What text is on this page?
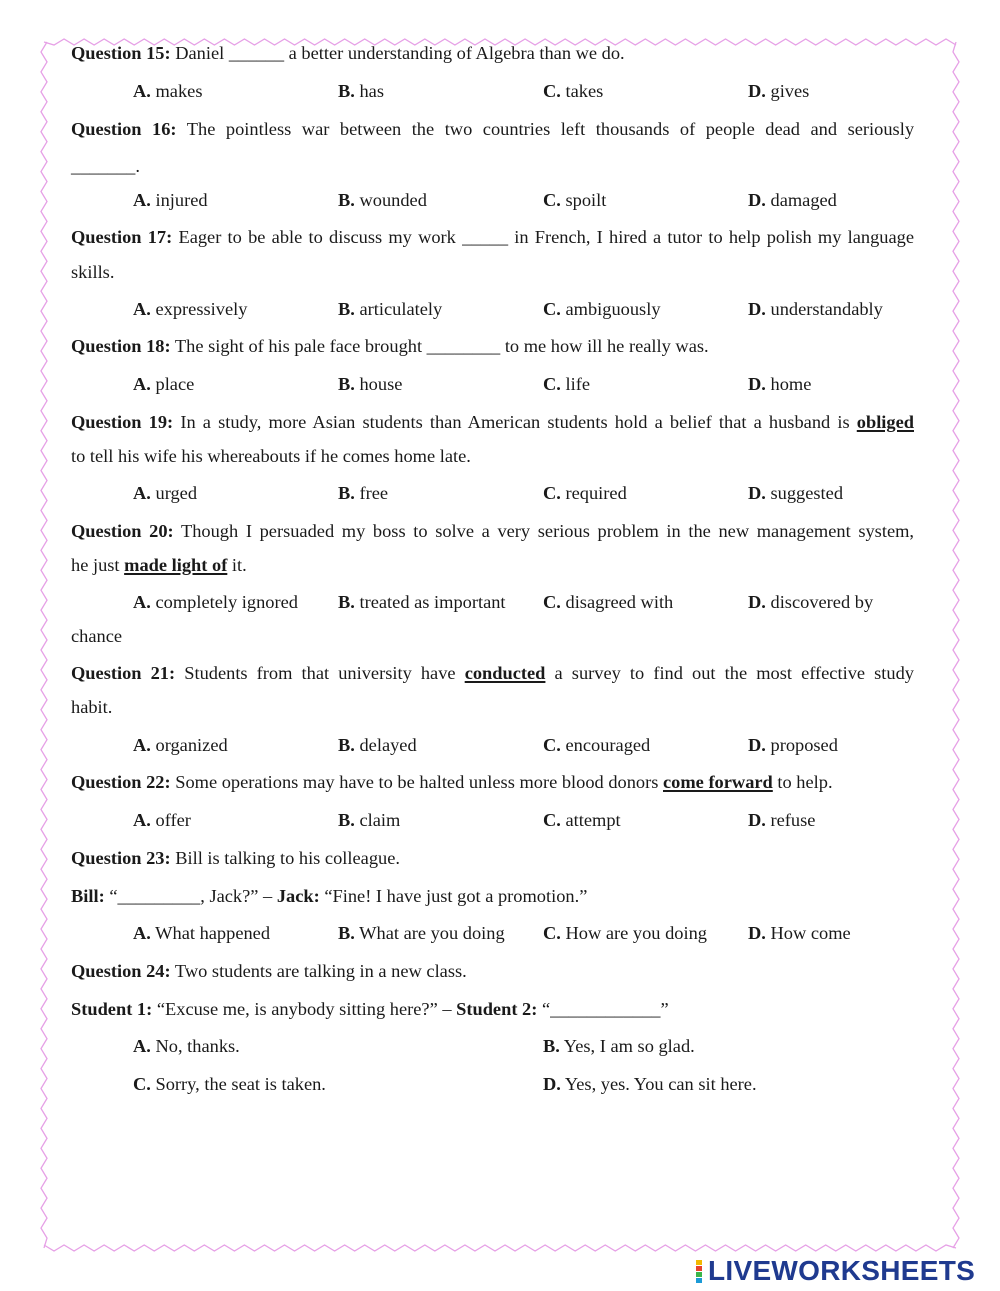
Question 15: Daniel ______ a better understanding of Algebra than we do.
A. makes	B. has	C. takes	D. gives
Question 16: The pointless war between the two countries left thousands of people dead and seriously
_______.
A. injured	B. wounded	C. spoilt	D. damaged
Question 17: Eager to be able to discuss my work _____ in French, I hired a tutor to help polish my language
skills.
A. expressively	B. articulately	C. ambiguously	D. understandably
Question 18: The sight of his pale face brought ________ to me how ill he really was.
A. place	B. house	C. life	D. home
Question 19: In a study, more Asian students than American students hold a belief that a husband is obliged
to tell his wife his whereabouts if he comes home late.
A. urged	B. free	C. required	D. suggested
Question 20: Though I persuaded my boss to solve a very serious problem in the new management system,
he just made light of it.
A. completely ignored B. treated as important C. disagreed with	D. discovered by
chance
Question 21: Students from that university have conducted a survey to find out the most effective study
habit.
A. organized	B. delayed	C. encouraged	D. proposed
Question 22: Some operations may have to be halted unless more blood donors come forward to help.
A. offer	B. claim	C. attempt	D. refuse
Question 23: Bill is talking to his colleague.
Bill: “_________, Jack?” – Jack: “Fine! I have just got a promotion.”
A. What happened	B. What are you doing C. How are you doing D. How come
Question 24: Two students are talking in a new class.
Student 1: “Excuse me, is anybody sitting here?” – Student 2: “____________”
A. No, thanks.	B. Yes, I am so glad.
C. Sorry, the seat is taken.	D. Yes, yes. You can sit here.
LIVEWORKSHEETS
